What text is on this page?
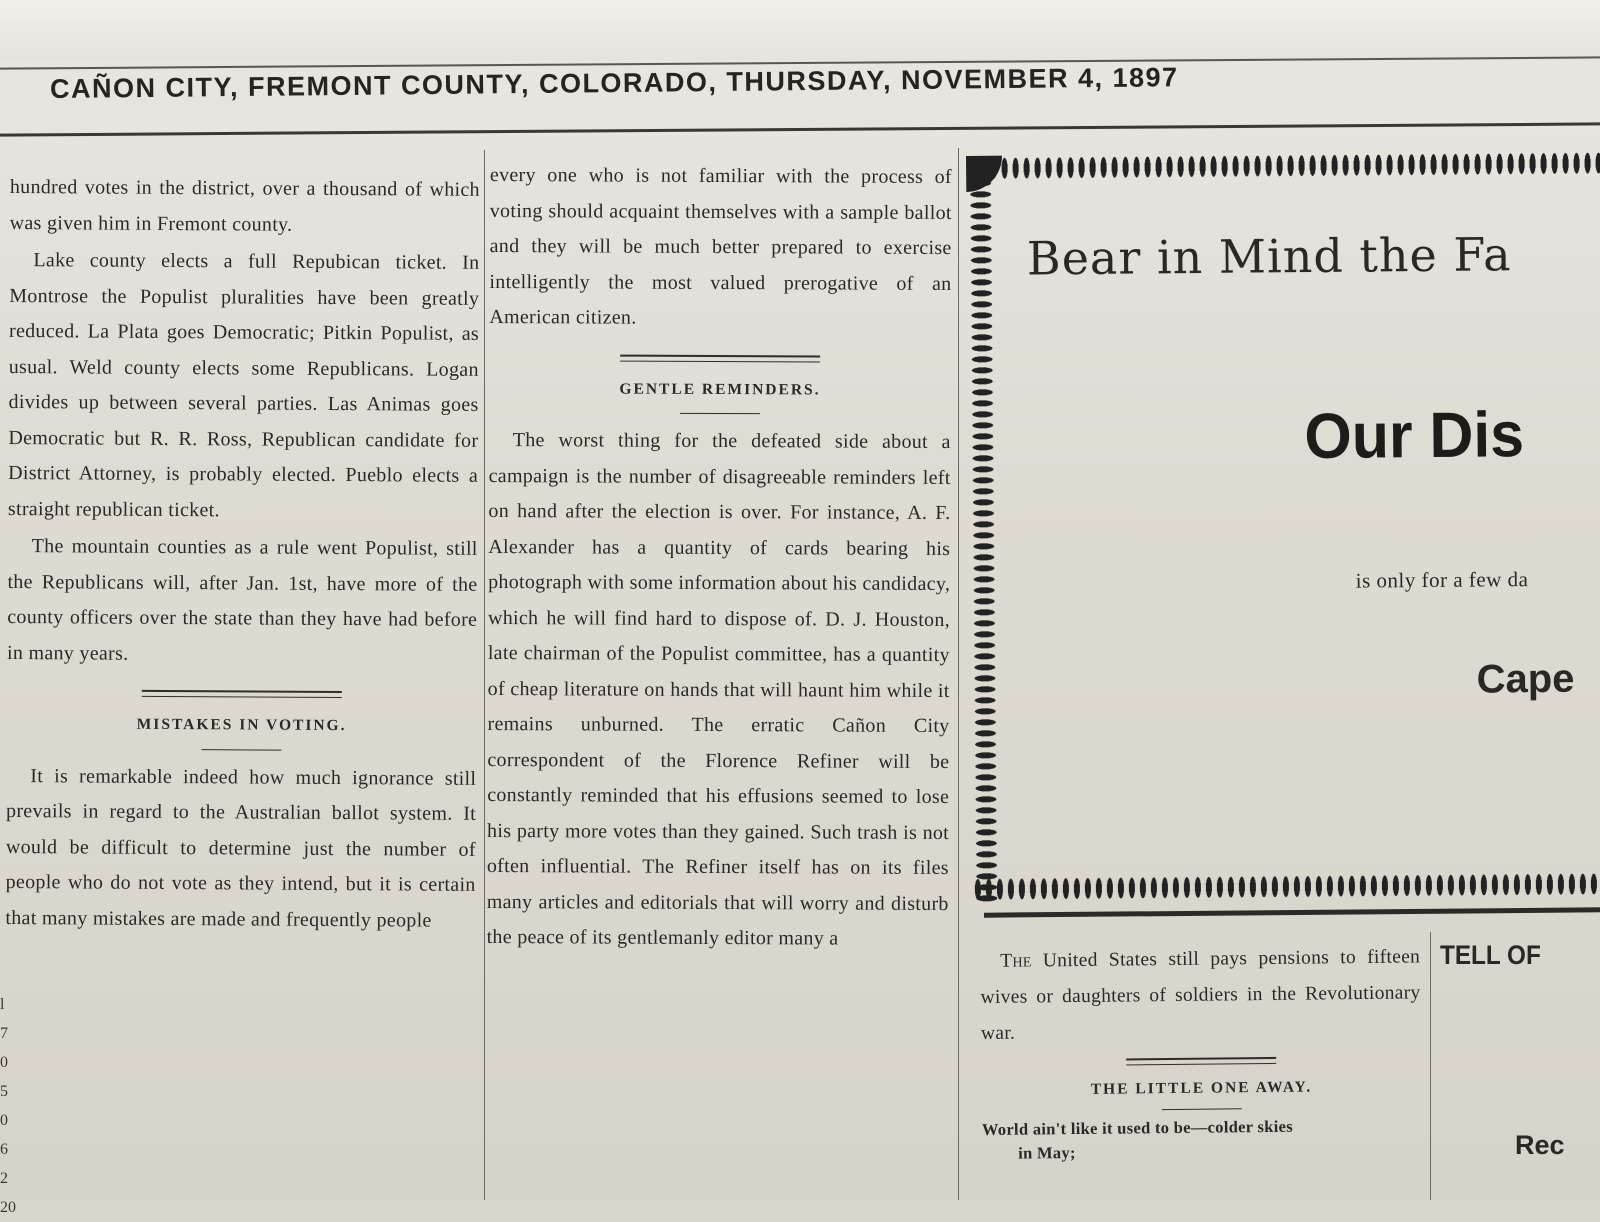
CAÑON CITY, FREMONT COUNTY, COLORADO, THURSDAY, NOVEMBER 4, 1897

hundred votes in the district, over a thousand of which was given him in Fremont county.

Lake county elects a full Repubican ticket. In Montrose the Populist pluralities have been greatly reduced. La Plata goes Democratic; Pitkin Populist, as usual. Weld county elects some Republicans. Logan divides up between several parties. Las Animas goes Democratic but R. R. Ross, Republican candidate for District Attorney, is probably elected. Pueblo elects a straight republican ticket.

The mountain counties as a rule went Populist, still the Republicans will, after Jan. 1st, have more of the county officers over the state than they have had before in many years.

MISTAKES IN VOTING.

It is remarkable indeed how much ignorance still prevails in regard to the Australian ballot system. It would be difficult to determine just the number of people who do not vote as they intend, but it is certain that many mistakes are made and frequently people

every one who is not familiar with the process of voting should acquaint themselves with a sample ballot and they will be much better prepared to exercise intelligently the most valued prerogative of an American citizen.

GENTLE REMINDERS.

The worst thing for the defeated side about a campaign is the number of disagreeable reminders left on hand after the election is over. For instance, A. F. Alexander has a quantity of cards bearing his photograph with some information about his candidacy, which he will find hard to dispose of. D. J. Houston, late chairman of the Populist committee, has a quantity of cheap literature on hands that will haunt him while it remains unburned. The erratic Cañon City correspondent of the Florence Refiner will be constantly reminded that his effusions seemed to lose his party more votes than they gained. Such trash is not often influential. The Refiner itself has on its files many articles and editorials that will worry and disturb the peace of its gentlemanly editor many a

Bear in Mind the Fa
Our Dis
is only for a few da
Cape

The United States still pays pensions to fifteen wives or daughters of soldiers in the Revolutionary war.

THE LITTLE ONE AWAY.

World ain't like it used to be—colder skies
in May;

TELL OF
Rec
l
7
0
5
0
6
2
20
